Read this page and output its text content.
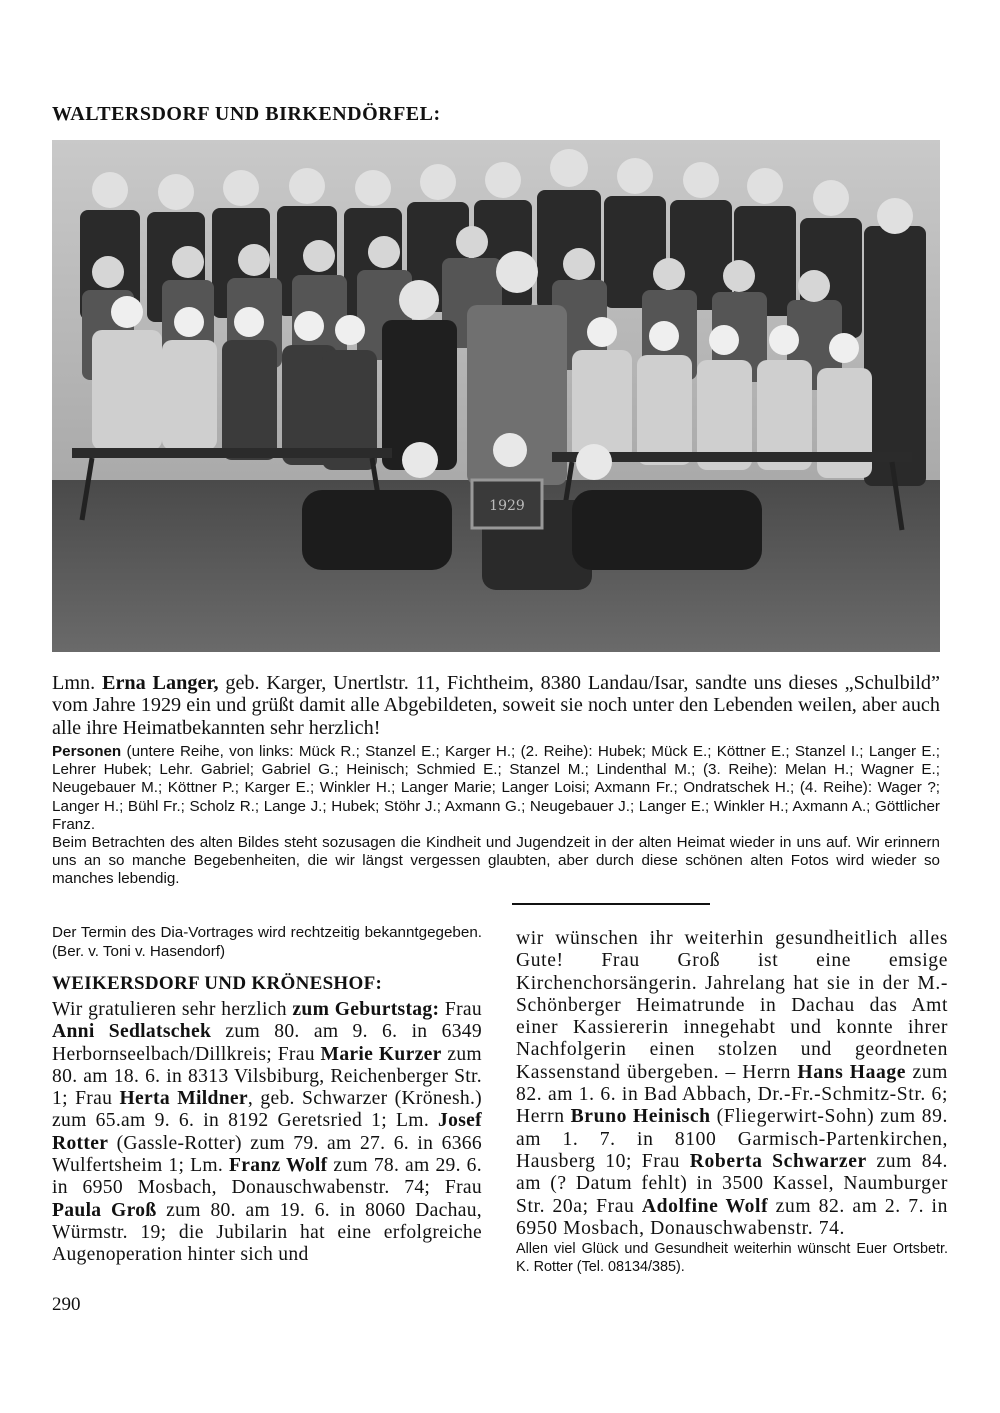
WALTERSDORF UND BIRKENDÖRFEL:
1929
Lmn. Erna Langer, geb. Karger, Unertlstr. 11, Fichtheim, 8380 Landau/Isar, sandte uns dieses „Schulbild” vom Jahre 1929 ein und grüßt damit alle Abgebildeten, soweit sie noch unter den Lebenden weilen, aber auch alle ihre Heimatbekannten sehr herzlich!
Personen (untere Reihe, von links: Mück R.; Stanzel E.; Karger H.; (2. Reihe): Hubek; Mück E.; Köttner E.; Stanzel I.; Langer E.; Lehrer Hubek; Lehr. Gabriel; Gabriel G.; Heinisch; Schmied E.; Stanzel M.; Lindenthal M.; (3. Reihe): Melan H.; Wagner E.; Neugebauer M.; Köttner P.; Karger E.; Winkler H.; Langer Marie; Langer Loisi; Axmann Fr.; Ondratschek H.; (4. Reihe): Wager ?; Langer H.; Bühl Fr.; Scholz R.; Lange J.; Hubek; Stöhr J.; Axmann G.; Neugebauer J.; Langer E.; Winkler H.; Axmann A.; Göttlicher Franz.
Beim Betrachten des alten Bildes steht sozusagen die Kindheit und Jugendzeit in der alten Heimat wieder in uns auf. Wir erinnern uns an so manche Begebenheiten, die wir längst vergessen glaubten, aber durch diese schönen alten Fotos wird wieder so manches lebendig.
Der Termin des Dia-Vortrages wird rechtzeitig bekanntgegeben. (Ber. v. Toni v. Hasendorf)
WEIKERSDORF UND KRÖNESHOF:
Wir gratulieren sehr herzlich zum Geburtstag: Frau Anni Sedlatschek zum 80. am 9. 6. in 6349 Herbornseelbach/Dillkreis; Frau Marie Kurzer zum 80. am 18. 6. in 8313 Vilsbiburg, Reichenberger Str. 1; Frau Herta Mildner, geb. Schwarzer (Krönesh.) zum 65.am 9. 6. in 8192 Geretsried 1; Lm. Josef Rotter (Gassle-Rotter) zum 79. am 27. 6. in 6366 Wulfertsheim 1; Lm. Franz Wolf zum 78. am 29. 6. in 6950 Mosbach, Donauschwabenstr. 74; Frau Paula Groß zum 80. am 19. 6. in 8060 Dachau, Würmstr. 19; die Jubilarin hat eine erfolgreiche Augenoperation hinter sich und
wir wünschen ihr weiterhin gesundheitlich alles Gute! Frau Groß ist eine emsige Kirchenchorsängerin. Jahrelang hat sie in der M.-Schönberger Heimatrunde in Dachau das Amt einer Kassiererin innegehabt und konnte ihrer Nachfolgerin einen stolzen und geordneten Kassenstand übergeben. – Herrn Hans Haage zum 82. am 1. 6. in Bad Abbach, Dr.-Fr.-Schmitz-Str. 6; Herrn Bruno Heinisch (Fliegerwirt-Sohn) zum 89. am 1. 7. in 8100 Garmisch-Partenkirchen, Hausberg 10; Frau Roberta Schwarzer zum 84. am (? Datum fehlt) in 3500 Kassel, Naumburger Str. 20a; Frau Adolfine Wolf zum 82. am 2. 7. in 6950 Mosbach, Donauschwabenstr. 74.
Allen viel Glück und Gesundheit weiterhin wünscht Euer Ortsbetr. K. Rotter (Tel. 08134/385).
290
